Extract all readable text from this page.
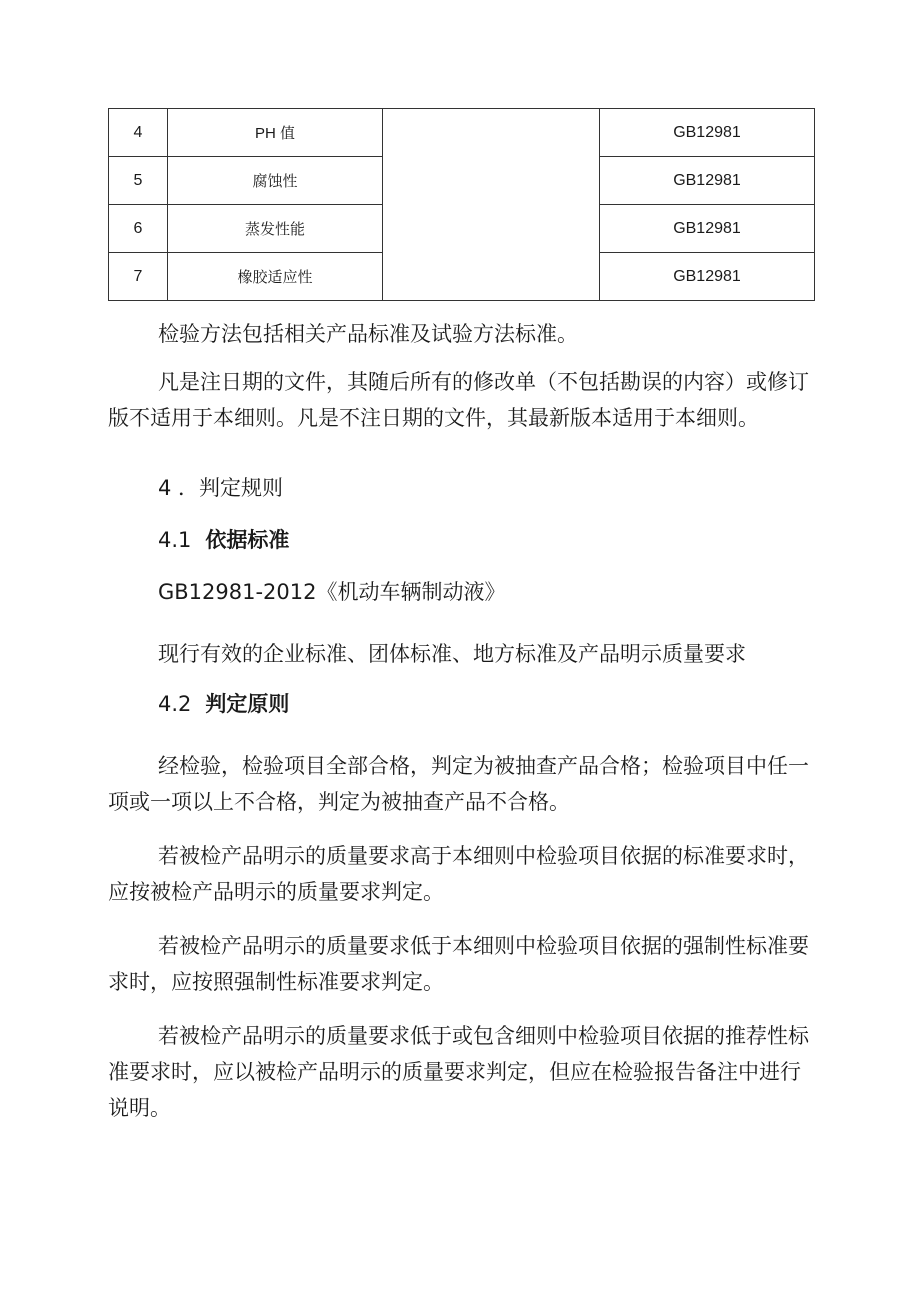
4	PH 值		GB12981
5	腐蚀性		GB12981
6	蒸发性能		GB12981
7	橡胶适应性		GB12981

检验方法包括相关产品标准及试验方法标准。

凡是注日期的文件，其随后所有的修改单（不包括勘误的内容）或修订版不适用于本细则。凡是不注日期的文件，其最新版本适用于本细则。

4 ．判定规则

4.1 依据标准

GB12981-2012《机动车辆制动液》

现行有效的企业标准、团体标准、地方标准及产品明示质量要求

4.2 判定原则

经检验，检验项目全部合格，判定为被抽查产品合格；检验项目中任一项或一项以上不合格，判定为被抽查产品不合格。

若被检产品明示的质量要求高于本细则中检验项目依据的标准要求时，应按被检产品明示的质量要求判定。

若被检产品明示的质量要求低于本细则中检验项目依据的强制性标准要求时，应按照强制性标准要求判定。

若被检产品明示的质量要求低于或包含细则中检验项目依据的推荐性标准要求时，应以被检产品明示的质量要求判定，但应在检验报告备注中进行说明。
